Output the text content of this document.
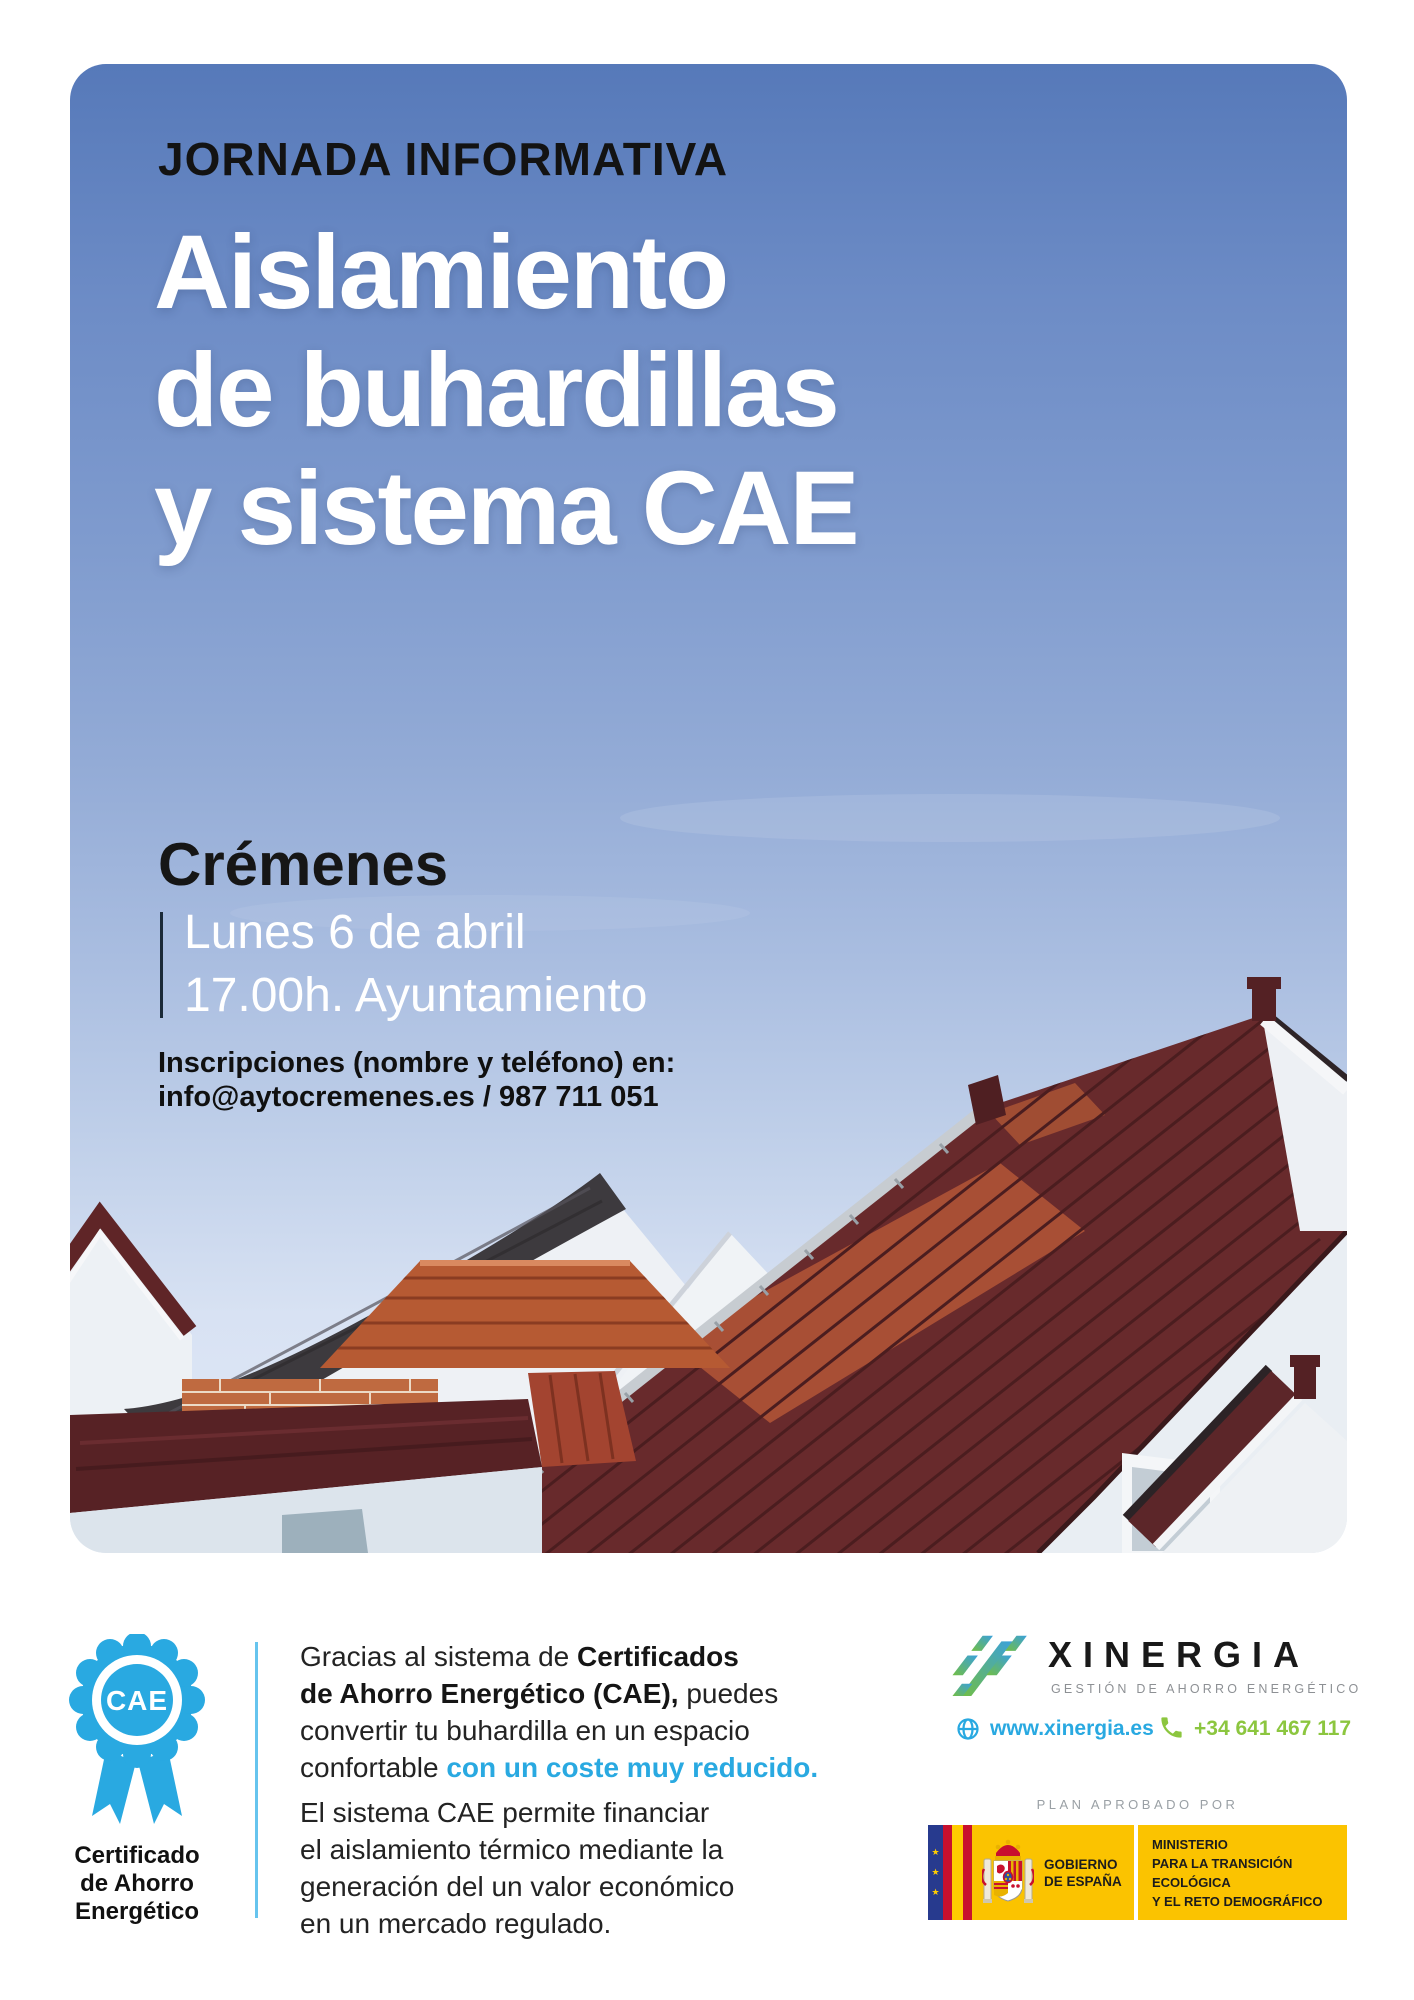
JORNADA INFORMATIVA
Aislamiento
de buhardillas
y sistema CAE
Crémenes
Lunes 6 de abril
17.00h. Ayuntamiento
Inscripciones (nombre y teléfono) en:
info@aytocremenes.es / 987 711 051
CAE
Certificado
de Ahorro
Energético
Gracias al sistema de Certificados
de Ahorro Energético (CAE), puedes
convertir tu buhardilla en un espacio
confortable con un coste muy reducido.
El sistema CAE permite financiar
el aislamiento térmico mediante la
generación del un valor económico
en un mercado regulado.
XINERGIA
GESTIÓN DE AHORRO ENERGÉTICO
www.xinergia.es +34 641 467 117
PLAN APROBADO POR
★
★
★
GOBIERNO
DE ESPAÑA
MINISTERIO
PARA LA TRANSICIÓN ECOLÓGICA
Y EL RETO DEMOGRÁFICO
